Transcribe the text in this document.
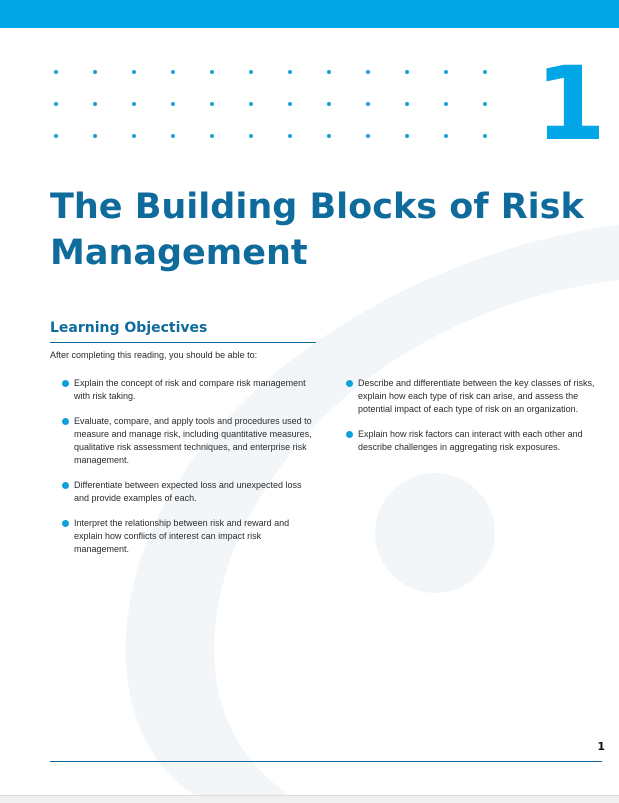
1
The Building Blocks of Risk Management
Learning Objectives

After completing this reading, you should be able to:

Explain the concept of risk and compare risk management with risk taking.
Evaluate, compare, and apply tools and procedures used to measure and manage risk, including quantitative measures, qualitative risk assessment techniques, and enterprise risk management.
Differentiate between expected loss and unexpected loss and provide examples of each.
Interpret the relationship between risk and reward and explain how conflicts of interest can impact risk management.
Describe and differentiate between the key classes of risks, explain how each type of risk can arise, and assess the potential impact of each type of risk on an organization.
Explain how risk factors can interact with each other and describe challenges in aggregating risk exposures.
1
